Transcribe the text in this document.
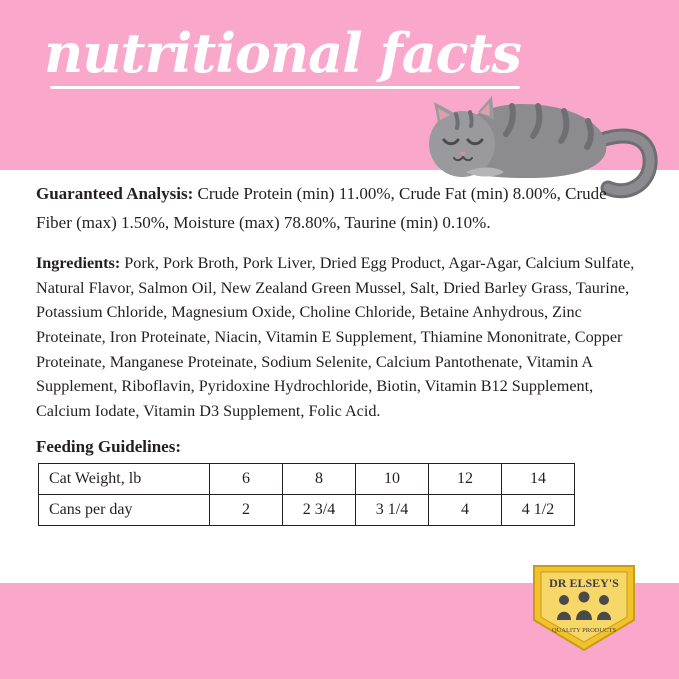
nutritional facts

Guaranteed Analysis: Crude Protein (min) 11.00%, Crude Fat (min) 8.00%, Crude Fiber (max) 1.50%, Moisture (max) 78.80%, Taurine (min) 0.10%.

Ingredients: Pork, Pork Broth, Pork Liver, Dried Egg Product, Agar-Agar, Calcium Sulfate, Natural Flavor, Salmon Oil, New Zealand Green Mussel, Salt, Dried Barley Grass, Taurine, Potassium Chloride, Magnesium Oxide, Choline Chloride, Betaine Anhydrous, Zinc Proteinate, Iron Proteinate, Niacin, Vitamin E Supplement, Thiamine Mononitrate, Copper Proteinate, Manganese Proteinate, Sodium Selenite, Calcium Pantothenate, Vitamin A Supplement, Riboflavin, Pyridoxine Hydrochloride, Biotin, Vitamin B12 Supplement, Calcium Iodate, Vitamin D3 Supplement, Folic Acid.

Feeding Guidelines:
Cat Weight, lb	6	8	10	12	14
Cans per day	2	2 3/4	3 1/4	4	4 1/2
DR ELSEY'S
QUALITY PRODUCTS
